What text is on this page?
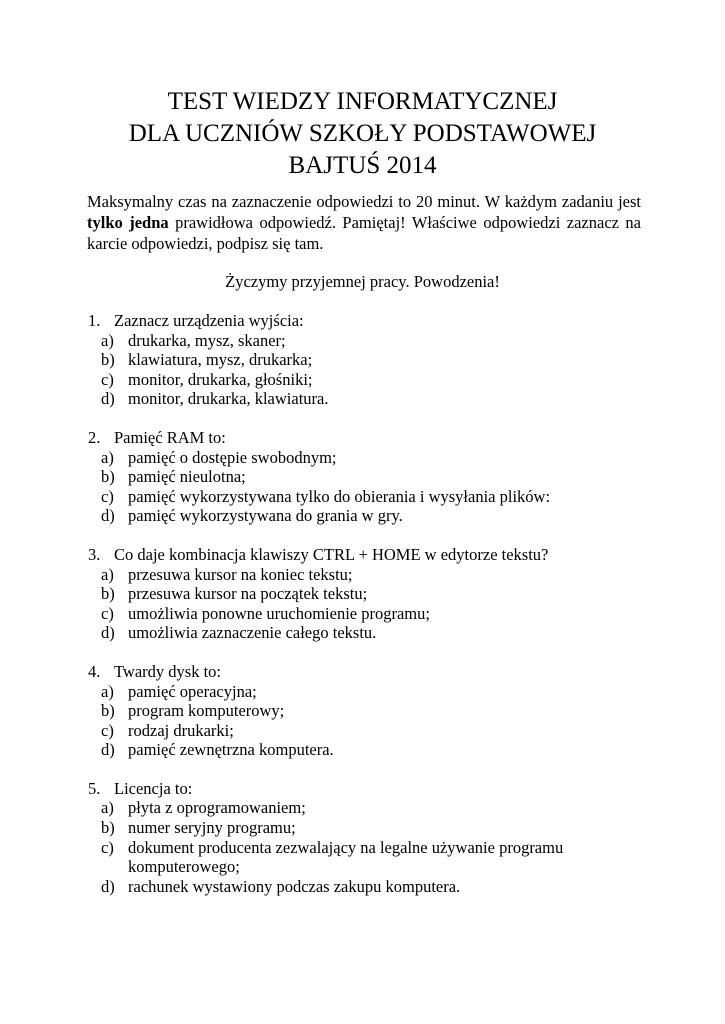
TEST WIEDZY INFORMATYCZNEJ
DLA UCZNIÓW SZKOŁY PODSTAWOWEJ
BAJTUŚ 2014

Maksymalny czas na zaznaczenie odpowiedzi to 20 minut. W każdym zadaniu jest tylko jedna prawidłowa odpowiedź. Pamiętaj! Właściwe odpowiedzi zaznacz na karcie odpowiedzi, podpisz się tam.

Życzymy przyjemnej pracy. Powodzenia!
1. Zaznacz urządzenia wyjścia:
a) drukarka, mysz, skaner;
b) klawiatura, mysz, drukarka;
c) monitor, drukarka, głośniki;
d) monitor, drukarka, klawiatura.
2. Pamięć RAM to:
a) pamięć o dostępie swobodnym;
b) pamięć nieulotna;
c) pamięć wykorzystywana tylko do obierania i wysyłania plików:
d) pamięć wykorzystywana do grania w gry.
3. Co daje kombinacja klawiszy CTRL + HOME w edytorze tekstu?
a) przesuwa kursor na koniec tekstu;
b) przesuwa kursor na początek tekstu;
c) umożliwia ponowne uruchomienie programu;
d) umożliwia zaznaczenie całego tekstu.
4. Twardy dysk to:
a) pamięć operacyjna;
b) program komputerowy;
c) rodzaj drukarki;
d) pamięć zewnętrzna komputera.
5. Licencja to:
a) płyta z oprogramowaniem;
b) numer seryjny programu;
c) dokument producenta zezwalający na legalne używanie programu komputerowego;
d) rachunek wystawiony podczas zakupu komputera.
